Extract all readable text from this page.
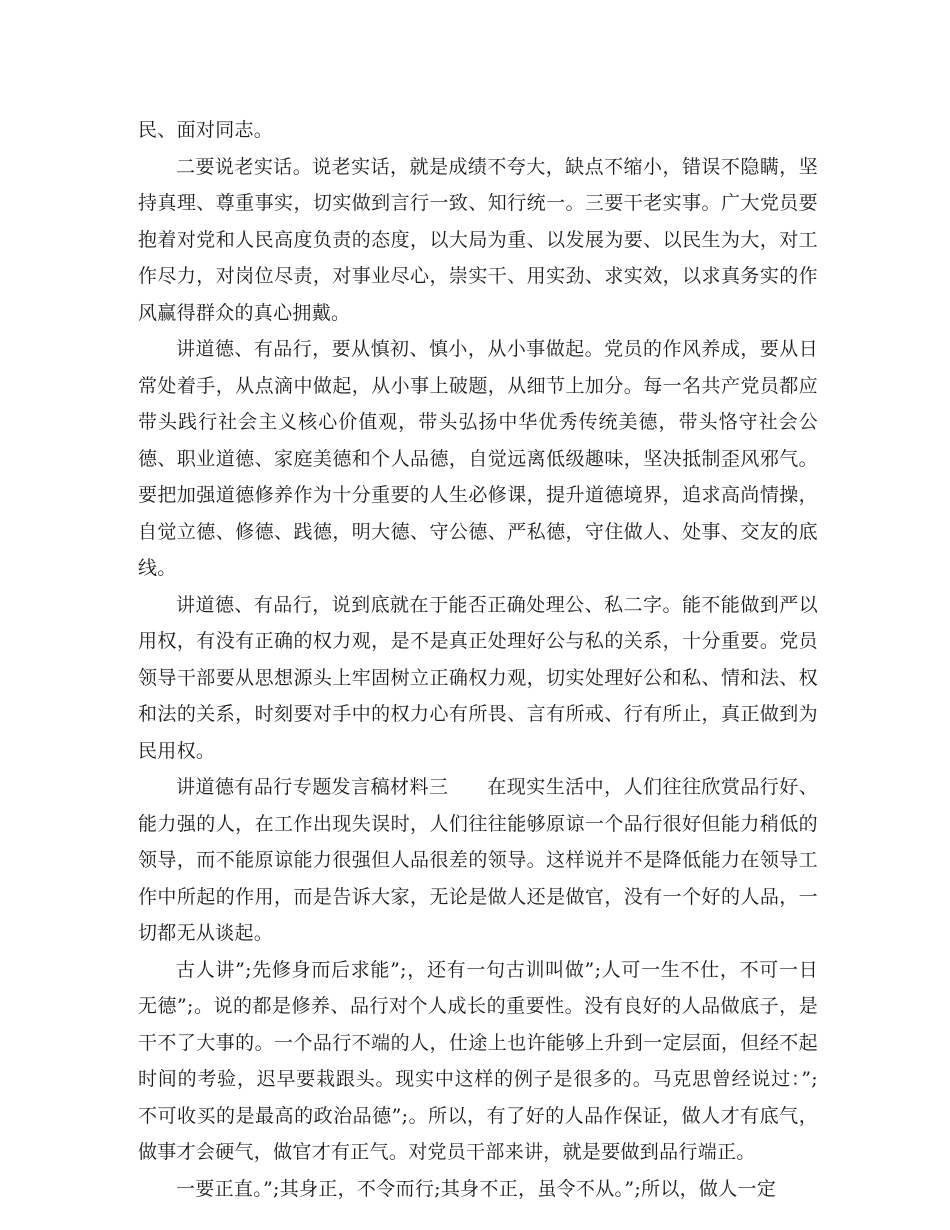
民、面对同志。

二要说老实话。说老实话，就是成绩不夸大，缺点不缩小，错误不隐瞒，坚持真理、尊重事实，切实做到言行一致、知行统一。三要干老实事。广大党员要抱着对党和人民高度负责的态度，以大局为重、以发展为要、以民生为大，对工作尽力，对岗位尽责，对事业尽心，崇实干、用实劲、求实效，以求真务实的作风赢得群众的真心拥戴。

讲道德、有品行，要从慎初、慎小，从小事做起。党员的作风养成，要从日常处着手，从点滴中做起，从小事上破题，从细节上加分。每一名共产党员都应带头践行社会主义核心价值观，带头弘扬中华优秀传统美德，带头恪守社会公德、职业道德、家庭美德和个人品德，自觉远离低级趣味，坚决抵制歪风邪气。要把加强道德修养作为十分重要的人生必修课，提升道德境界，追求高尚情操，自觉立德、修德、践德，明大德、守公德、严私德，守住做人、处事、交友的底线。

讲道德、有品行，说到底就在于能否正确处理公、私二字。能不能做到严以用权，有没有正确的权力观，是不是真正处理好公与私的关系，十分重要。党员领导干部要从思想源头上牢固树立正确权力观，切实处理好公和私、情和法、权和法的关系，时刻要对手中的权力心有所畏、言有所戒、行有所止，真正做到为民用权。

讲道德有品行专题发言稿材料三　　在现实生活中，人们往往欣赏品行好、能力强的人，在工作出现失误时，人们往往能够原谅一个品行很好但能力稍低的领导，而不能原谅能力很强但人品很差的领导。这样说并不是降低能力在领导工作中所起的作用，而是告诉大家，无论是做人还是做官，没有一个好的人品，一切都无从谈起。

古人讲”;先修身而后求能”;，还有一句古训叫做”;人可一生不仕，不可一日无德”;。说的都是修养、品行对个人成长的重要性。没有良好的人品做底子，是干不了大事的。一个品行不端的人，仕途上也许能够上升到一定层面，但经不起时间的考验，迟早要栽跟头。现实中这样的例子是很多的。马克思曾经说过：”;不可收买的是最高的政治品德”;。所以，有了好的人品作保证，做人才有底气，做事才会硬气，做官才有正气。对党员干部来讲，就是要做到品行端正。

一要正直。”;其身正，不令而行;其身不正，虽令不从。”;所以，做人一定
